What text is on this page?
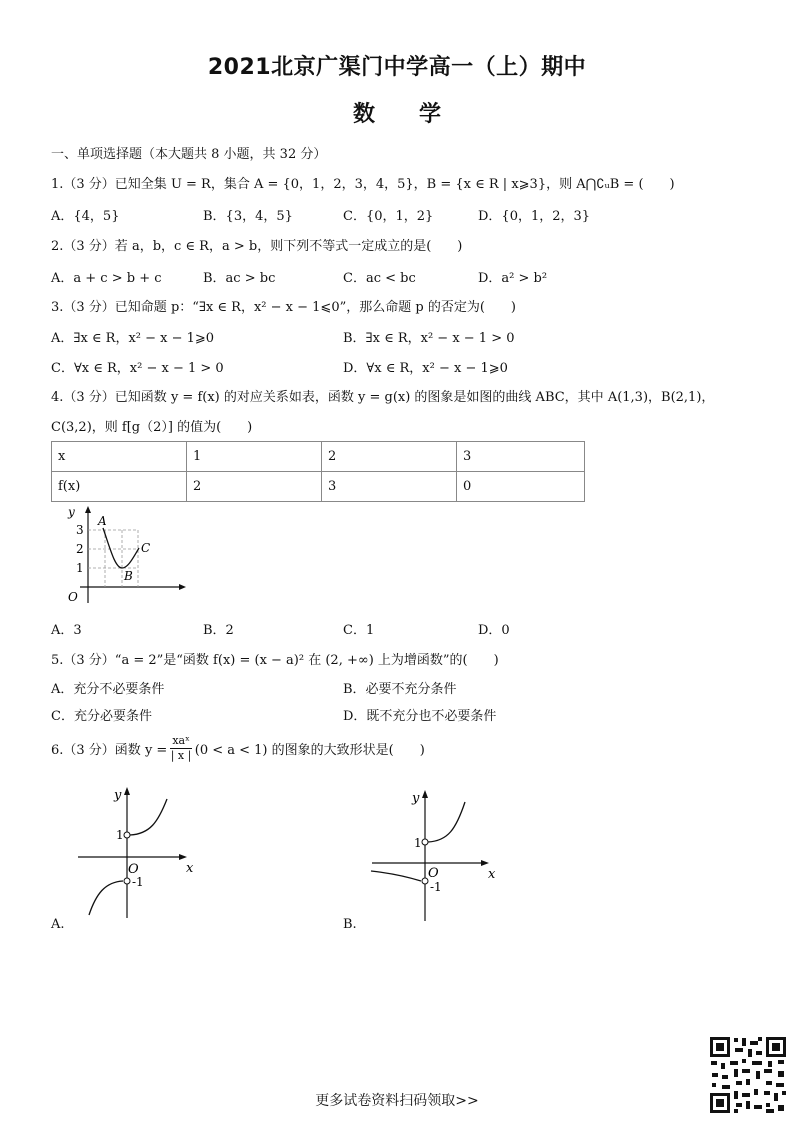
2021北京广渠门中学高一（上）期中
数　　学
一、单项选择题（本大题共 8 小题，共 32 分）
1.（3 分）已知全集 U = R，集合 A = {0，1，2，3，4，5}，B = {x ∈ R | x⩾3}，则 A⋂∁ᵤB = (　　)
A．{4，5}	B．{3，4，5}	C．{0，1，2}	D．{0，1，2，3}
2.（3 分）若 a，b，c ∈ R，a > b，则下列不等式一定成立的是(　　)
A．a + c > b + c	B．ac > bc	C．ac < bc	D．a² > b²
3.（3 分）已知命题 p：“∃x ∈ R，x² − x − 1⩽0”，那么命题 p 的否定为(　　)
A．∃x ∈ R，x² − x − 1⩾0	B．∃x ∈ R，x² − x − 1 > 0
C．∀x ∈ R，x² − x − 1 > 0	D．∀x ∈ R，x² − x − 1⩾0
4.（3 分）已知函数 y = f(x) 的对应关系如表，函数 y = g(x) 的图象是如图的曲线 ABC，其中 A(1,3)，B(2,1)，
C(3,2)，则 f[g（2）] 的值为(　　)
x	1	2	3
f(x)	2	3	0
y
O
3
2
1
A
B
C
A．3	B．2	C．1	D．0
5.（3 分）“a = 2”是“函数 f(x) = (x − a)² 在 (2, +∞) 上为增函数”的(　　)
A．充分不必要条件	B．必要不充分条件
C．充分必要条件	D．既不充分也不必要条件
6.（3 分）函数 y =
xaˣ
| x | (0 < a < 1) 的图象的大致形状是(　　)
y
x
O
1
-1
A.
y
x
O
1
-1
B.
更多试卷资料扫码领取>>
